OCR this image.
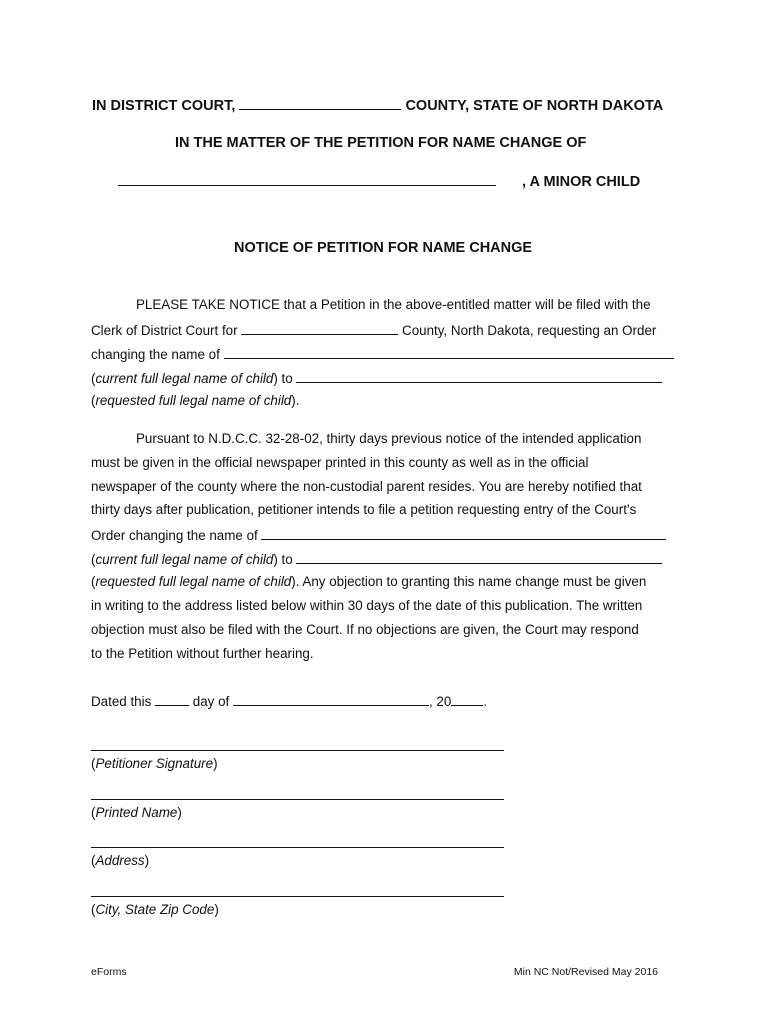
IN DISTRICT COURT,	COUNTY, STATE OF NORTH DAKOTA
IN THE MATTER OF THE PETITION FOR NAME CHANGE OF
, A MINOR CHILD
NOTICE OF PETITION FOR NAME CHANGE
PLEASE TAKE NOTICE that a Petition in the above-entitled matter will be filed with the
Clerk of District Court for	County, North Dakota, requesting an Order
changing the name of
(current full legal name of child) to
(requested full legal name of child).
Pursuant to N.D.C.C. 32-28-02, thirty days previous notice of the intended application
must be given in the official newspaper printed in this county as well as in the official
newspaper of the county where the non-custodial parent resides. You are hereby notified that
thirty days after publication, petitioner intends to file a petition requesting entry of the Court’s
Order changing the name of
(current full legal name of child) to
(requested full legal name of child). Any objection to granting this name change must be given
in writing to the address listed below within 30 days of the date of this publication. The written
objection must also be filed with the Court. If no objections are given, the Court may respond
to the Petition without further hearing.
Dated this	day of	, 20 .
(Petitioner Signature)
(Printed Name)
(Address)
(City, State Zip Code)
eForms	Min NC Not/Revised May 2016
